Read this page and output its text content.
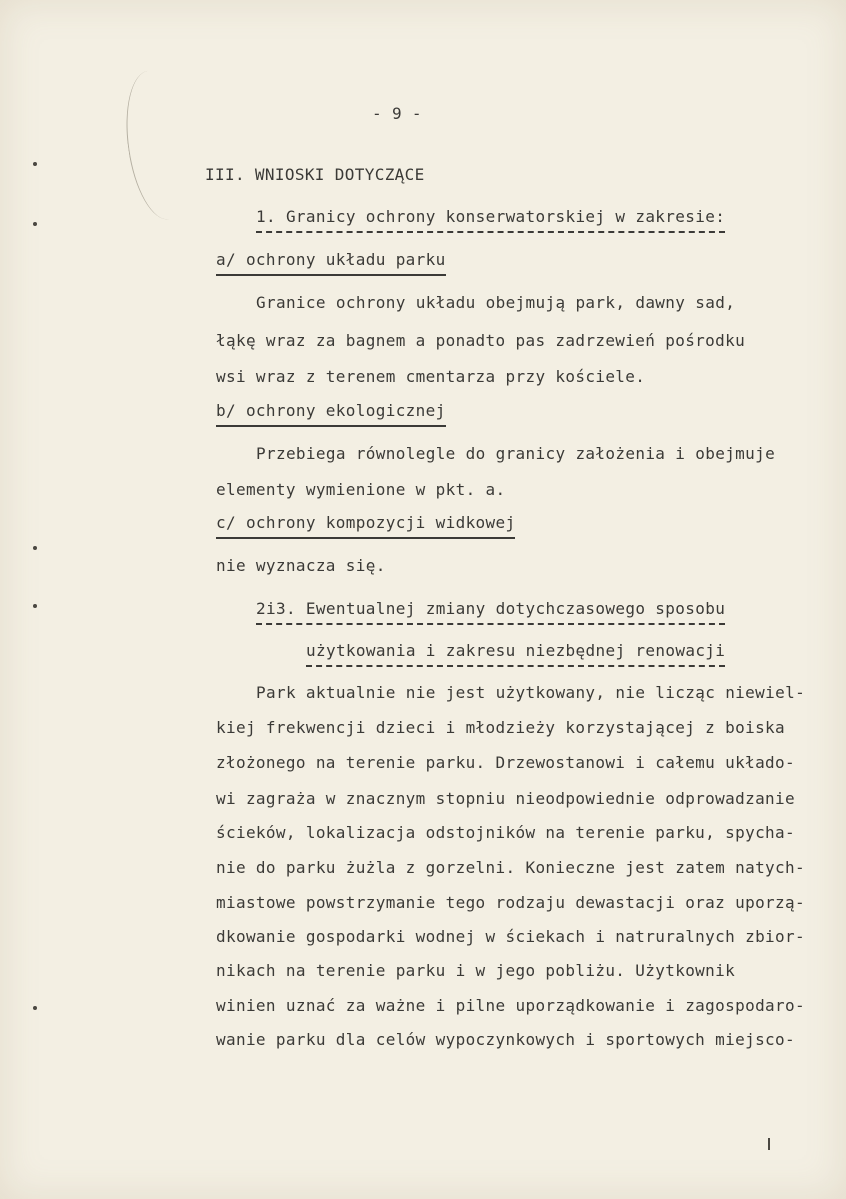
- 9 -
III. WNIOSKI DOTYCZĄCE
1. Granicy ochrony konserwatorskiej w zakresie:
a/ ochrony układu parku
Granice ochrony układu obejmują park, dawny sad,
łąkę wraz za bagnem a ponadto pas zadrzewień pośrodku
wsi wraz z terenem cmentarza przy kościele.
b/ ochrony ekologicznej
Przebiega równolegle do granicy założenia i obejmuje
elementy wymienione w pkt. a.
c/ ochrony kompozycji widkowej
nie wyznacza się.
2i3. Ewentualnej zmiany dotychczasowego sposobu
użytkowania i zakresu niezbędnej renowacji
Park aktualnie nie jest użytkowany, nie licząc niewiel-
kiej frekwencji dzieci i młodzieży korzystającej z boiska
złożonego na terenie parku. Drzewostanowi i całemu układo-
wi zagraża w znacznym stopniu nieodpowiednie odprowadzanie
ścieków, lokalizacja odstojników na terenie parku, spycha-
nie do parku żużla z gorzelni. Konieczne jest zatem natych-
miastowe powstrzymanie tego rodzaju dewastacji oraz uporzą-
dkowanie gospodarki wodnej w ściekach i natruralnych zbior-
nikach na terenie parku i w jego pobliżu. Użytkownik
winien uznać za ważne i pilne uporządkowanie i zagospodaro-
wanie parku dla celów wypoczynkowych i sportowych miejsco-
